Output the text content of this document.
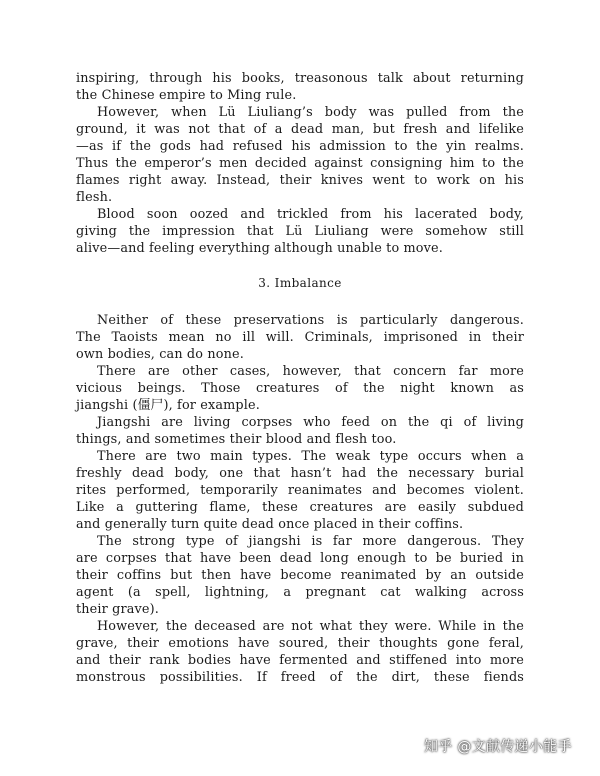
inspiring, through his books, treasonous talk about returning
the Chinese empire to Ming rule.
However, when Lü Liuliang’s body was pulled from the
ground, it was not that of a dead man, but fresh and lifelike
—as if the gods had refused his admission to the yin realms.
Thus the emperor’s men decided against consigning him to the
flames right away. Instead, their knives went to work on his
flesh.
Blood soon oozed and trickled from his lacerated body,
giving the impression that Lü Liuliang were somehow still
alive—and feeling everything although unable to move.
3. Imbalance
Neither of these preservations is particularly dangerous.
The Taoists mean no ill will. Criminals, imprisoned in their
own bodies, can do none.
There are other cases, however, that concern far more
vicious beings. Those creatures of the night known as
jiangshi (僵尸), for example.
Jiangshi are living corpses who feed on the qi of living
things, and sometimes their blood and flesh too.
There are two main types. The weak type occurs when a
freshly dead body, one that hasn’t had the necessary burial
rites performed, temporarily reanimates and becomes violent.
Like a guttering flame, these creatures are easily subdued
and generally turn quite dead once placed in their coffins.
The strong type of jiangshi is far more dangerous. They
are corpses that have been dead long enough to be buried in
their coffins but then have become reanimated by an outside
agent (a spell, lightning, a pregnant cat walking across
their grave).
However, the deceased are not what they were. While in the
grave, their emotions have soured, their thoughts gone feral,
and their rank bodies have fermented and stiffened into more
monstrous possibilities. If freed of the dirt, these fiends
知乎 @文献传递小能手
